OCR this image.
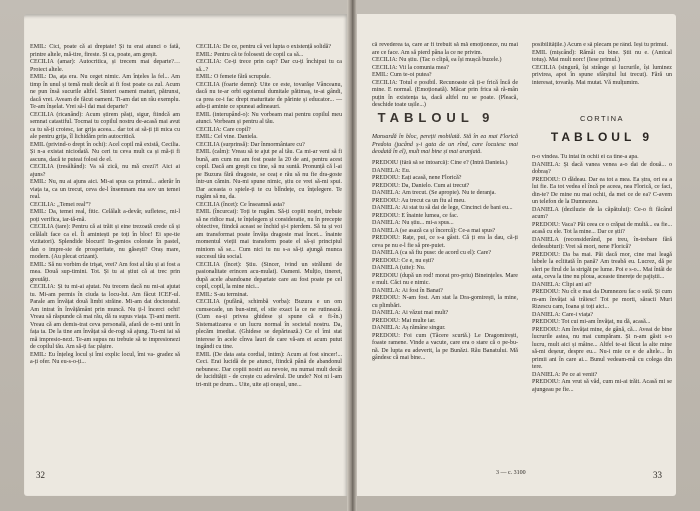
EMIL: Cici, poate că ai dreptate! Și tu erai atunci o fată, printre altele, mă-tire, fireste. Și ca, poate, am greșit.

CECILIA (amar): Autocritica, și trecem mai departe?… Proiect altele.

EMIL: Da, ața era. Nu ceget nimic. Am înțeles la fel... Am timp în unul și temă mult decât ai fi fost poate ca zul. Acum ne pun însă sucurile altfel. Sinteri oameni maturi, pătrunsi, dacă vrei. Aveam de făcut oameni. Ti-am dat un râu exemplu. Te-am înșelat. Vrei să-l dai mai departe?

CECILIA (ricanând): Acum știrem păsți, sigur, fiindcă am semnat catastiful. Tocmai tu copilul nostru de-acasă mai avut ca tu să-ți croiesc, iar grija aceea... dar tot ai să-ți ții mica cu ale pentru grija, îl lichidăm prin autocritică.

EMIL (privind-o drept în ochi): Acel copil mă există, Cecilia. Și n-a existat niciodată. Nu ceri tu ceva mult ca și mă-ți fi ascuns, dacă te puteai folosi de el.

CECILIA (tresăltând): Va să zică, nu mă crezi?! Aici ai ajuns?

EMIL: Nu, nu ai ajuns aici. Mi-ai spus ca primul... aderăr în viața ta, ca un trecut, ceva de-l însemnam ma sov un temei real.

CECILIA: „Temei real”?

EMIL: Da, temei real, fitic. Celălalt a-devăr, sufletesc, mi-l poți verifica, iar-tă-mă.

CECILIA (tare): Pentru că ai trăit și eine trezoată crede că și celălalt face ca el. Îi amintești pe toți în bloc! Ei spe-tie vizitatori). Splendide blocuri! In-genios colorate în pastel, dan o impre-sie de prosperitate, nu găsești? Oraș mare, modern. (Au plecat crizant).

EMIL: Să nu vorbim de trişat, vrei? Am fost al tău și ai fost a mea. Două sup-timini. Tot. Și tu ai știut că ai trec prin greutăți.

CECILIA: Și tu mi-ai ajutat. Nu trecem dacă nu mi-ai ajutat tu. Mi-am permis în ciuda ta locu-lui. Am făcut ICEF-ul. Parale am învățat două limbi străine. Mi-am dat doctoratul. Am intrat în învățământ prin muncă. Nu ți-l încerci ochi! Vreau să răspunde că mai rău, dă ra supus viața. Ți-ani merit. Vreau că am demis-trat ceva personală, afară de o-mi unit în fața ta. De la tine am învățat să de-rogi să ajung. Tu-mi iai să mă impresio-nezi. Te-am supus nu trebuie să te impresionezi de copilul tău. Am să-ți fac pășire.

EMIL: Eu înțeleg locul și îmi explic locul, îmi va- gradez să a-ți ofer. Nu eu-s-o-ți...

CECILIA: De ce, pentru că vei lupta o existență solidă?

EMIL: Pentru că te folosesti de copil ca să...

CECILIA: Ce-ți trece prin cap? Dar cu-ți închipui tu ca să...?

EMIL: O femeie fără scrupule.

CECILIA (foarte demn): Uite ce este, tovarășe Vânceanu, dacă nu te-ar orbi egoismul dumitale pătimaș, te-ai gândi, ca prea ce-i fac drept maturitate de părinte și educator... — adu-ți aminte ce spuneai adineauri.

EMIL (interupând-o): Nu vorbeam mai pentru copilul meu atunci. Vorbeam și pentru al tău.

CECILIA: Care copil?

EMIL: Cel vine. Daniela.

CECILIA (surprinsă): Dar înmormântare cu?

EMIL (calm): Vreau să te ajut pe al tău. Ca mi-ar veni să fi bună, am cum nu am fost poate la 20 de ani, pentru acest copil. Dacă am greșit cu tine, să nu suntă. Pronunță că l-ai pe Buzura fără dragoste, se ceaț e rău să nu fie dra-goste într-un cămin. Nu-mi spune nimic, știu ce vrei să-mi spui. Dar aceasta o spiele-ți te cu blîndețe, cu înțelegere. Te rugăm să nu, da.

CECILIA (încet): Ce înseamnă asta?

EMIL (încurcat): Toți te rugăm. Să-ți copiii noștri, trebuie să ne ridice mai, te înțelegem și consideratie, nu în precepte obiective, fiindcă aceast se închid și-i pierdem. Să tu și voi am transformat poate învăța dragoste mai încet... înainte momentul vieții mai transform poate el să-și principiul miniom să se... Cum nici tu nu s-a să-ți ajungă munca succesul tău social.

CECILIA (încet): Știu. (Sincer, ivind un strălumi de pasionalitate erincen acu-mulat). Oameni. Mulțio, tineret, după acele abandoane departate care au fost poate pe cel copil, copil, la mine nici...

EMIL: S-au terminat.

CECILIA (pufănă, schimbă vorba): Buzura e un om cumsecade, un bun-simt, el stie exact la ce ne rutinează. (Cum ea-și privea ghidese și spune că e fi-în.) Sistematizarea e un lucru normal în societal nostru. Da, plecăm imediat. (Ghidese se depărtează.) Ce el îmi stat interese în acele cînva lauri de care vă-am ei acum putut ingândi cu tine.

EMIL (De data asta cordial, intim): Acum ai fost sincer!... Ceci. Erai lucidă de pe atunci, fiindcă până de abandonul nebunesc. Dar copiii nostri au nevoie, nu numai mult decât de lucidității - de crește cu adevărul. De unde? Noi ni l-am tri-mit pe drum... Uite, uite ați orașul, une...

32

că revederea ta, care ar fi trebuit să mă emoționeze, nu mai are ce face. Am să pierd pâna la ce ne privim.

CECILIA: Nu știu. (Tac o clipă, ea își mușcă buzele.)

CECILIA: Vii la comunia mea?

EMIL: Cum te-oi putea?

CECILIA: Totul e posibil. Recunoaste că ți-e frică încă de mine. E normal. (Emoționată). Măcar prin frica să ră-mân puțin în existența ta, dacă altfel nu se poate. (Pleacă, deschide toate ușile...)

TABLOUL 9

Mansardă în bloc, pereții mobilată. Stă în ea mai Florică Predoiu (jucând ș-i gata de un rînd, care locuiesc mai deodată în el), mult mai bine și mai aranjată.

PREDOIU (fără să se întoarcă): Cine e? (Intră Daniela.)

DANIELA: Eu.

PREDOIU: Eați acasă, nene Florică?

PREDOIU: Da, Danielo. Cum ai trecut?

DANIELA: Am trecut. (Se apropie). Nu te deranja.

PREDOIU: Au trecut ca un fiu al meu.

DANIELA: Ai stat tu să dai de lege, Cincinci de bani eu...

PREDOIU: E înainte lumea, ce fac.

DANIELA: Nu știu... mi-a spus...

DANIELA (se asază ca și încercă): Ce-a mai spus?

PREDOIU: Rațe, pui, ce s-a gâsit. Că ți era la dau, că-ți ceva pe nu e-l fie să pre-puiet.

DANIELA (ca să fiu puse: de acord cu el): Care?

PREDOIU: Ce e, nu ești?

DANIELA (uite): Nu.

PREDOIU (după un rod! morat pro-priu) Bineințeles. Mare e mult. Căci nu e nimic.

DANIELA: Ai fost în Banat?

PREDOIU: N-am fost. Am stat la Dra-gomirești, la mine, cu plimbări.

DANIELA: Ai văzut mai mult?

PREDOIU: Mai multe iar.

DANIELA: Aș rămâne singur.

PREDOIU: Foi cum (Tăcere scurtă.) Le Dragomirești, foaste ramene. Vinde a vacute, care era o stare că o pe-bu-nă. De lupta eu adeverit, la pe Bunăzi. Rău Banatului. Mă gândesc că mai bine...

posibilitățile.) Acum e să plecam pe rând. Ieși tu primul.

EMIL (mișcând): Rămâi cu bine. Știi nu e. (Amical totuș). Mai mult norc! (Iese primul.)

CECILIA (singură, își strânge și lucrurile, își luminez privirea, apoi în spune sfârșitul lui trecut). Fără un interesat, tovarăș. Mai mutat. Vă mulțumim.

CORTINA
TABLOUL 9

n-o vindea. Tu intai în ochii ei ca tine-a apa.

DANIELA: Și dacă vanea venea a-o dai de două... o dobraș?

PREDOIU: O dădeau. Dar ea tot a mea. Ea ștra, ori ea a lui fie. Ea tot vedea el încă pe aceea, nea Florică, ce faci, din-te? De mine nu mai ochii, da mei ce de ea? C-avem un telefon de la Dumnezeu.

DANIELA (deziluzie de la căpătului): Ce-o fi făcând acum?

PREDOIU: Vaca? Păi ceea ce o crăpat de multă... ea fie... acasă cu ele. Tot la mine... Dar ce știi?

DANIELA (reconsiderând, pe treu, în-trebare fără dedesubturi): Vrei să mori, nene Florică?

PREDOIU: Da ba mai. Păi dacă mor, cine mai leagă lubele la ecliitată în pană? Am treabă eu. Lucrez, dă pe sleri pe firul de la strigăt pe lume. Poi e s-o... Mai întâi de asta, ceva la tine nu ploua, aceaste tinerețe de pajiștii...

DANIELA: Clipi ani ai?

PREDOIU: Nu cît e mai da Dumnezeu fac o sută. Și cum m-am învățat să trăiesc! Tot pe morti, săracii Muri Rizescu cam, Ioana și toți aici...

DANIELA: Care-i viața?

PREDOIU: Tot cui mi-am învățat, nu dă, acasă...

PREDOIU: Am învățat mine, de gână, că... Aveai de bine lucrurile astea, nu mai cumpăram. Și n-am găsit s-o lucru, mult aici și mâine... Altfel te-ai făcut la alte mine să-mi deșeur, despre eu... Nu-i mie ce e de altele... În primii ani în care ai... Bunul vedeam-mă cu colega din tere.

DANIELA: Pe ce ai venit?

PREDOIU: Am vrut să văd, cum mi-ai trăit. Acasă mi se ajungeau pe fie...

3 — c. 3100	33
